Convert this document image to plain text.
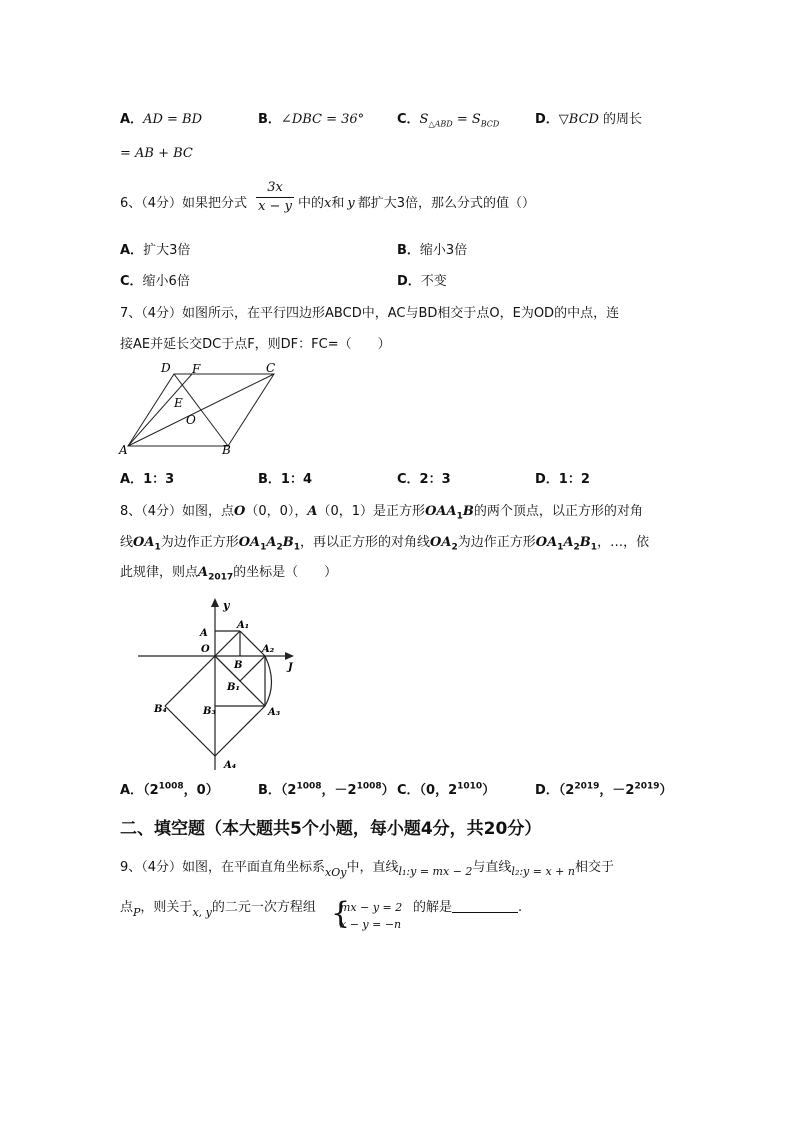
A．AD = BD	B．∠DBC = 36°	C．$S_{\triangle ABD} = S_{BCD}$	D．▽BCD 的周长
= AB + BC
6、（4分）如果把分式
3x
x − y 中的x和 y 都扩大3倍，那么分式的值（）
A．扩大3倍	B．缩小3倍
C．缩小6倍	D．不变
7、（4分）如图所示，在平行四边形ABCD中，AC与BD相交于点O，E为OD的中点，连
接AE并延长交DC于点F，则DF：FC=（　　）
A	B
C
D
E
F
O
A．1：3	B．1：4	C．2：3	D．1：2
8、（4分）如图，点O（0，0），A（0，1）是正方形$OAA_1B$的两个顶点，以正方形的对角
线$OA_1$为边作正方形$OA_1A_2B_1$，再以正方形的对角线$OA_2$为边作正方形$OA_1A_2B_1$，…，依
此规律，则点$A_{2017}$的坐标是（　　）
y
J
A
A₁
O
B
A₂
B₁
B₃
B₄	A₃
A₄
A．（$2^{1008}$，0）	B．（$2^{1008}$，$-2^{1008}$） C．（0，$2^{1010}$）	D．（$2^{2019}$，$-2^{2019}$）
二、填空题（本大题共5个小题，每小题4分，共20分）
9、（4分）如图，在平面直角坐标系$_{xOy}$中，直线$_{l_1:y = mx - 2}$与直线$_{l_2:y = x + n}$相交于
点$_P$，则关于$_{x, y}$的二元一次方程组 {
mx − y = 2
x − y = −n
的解是	.
